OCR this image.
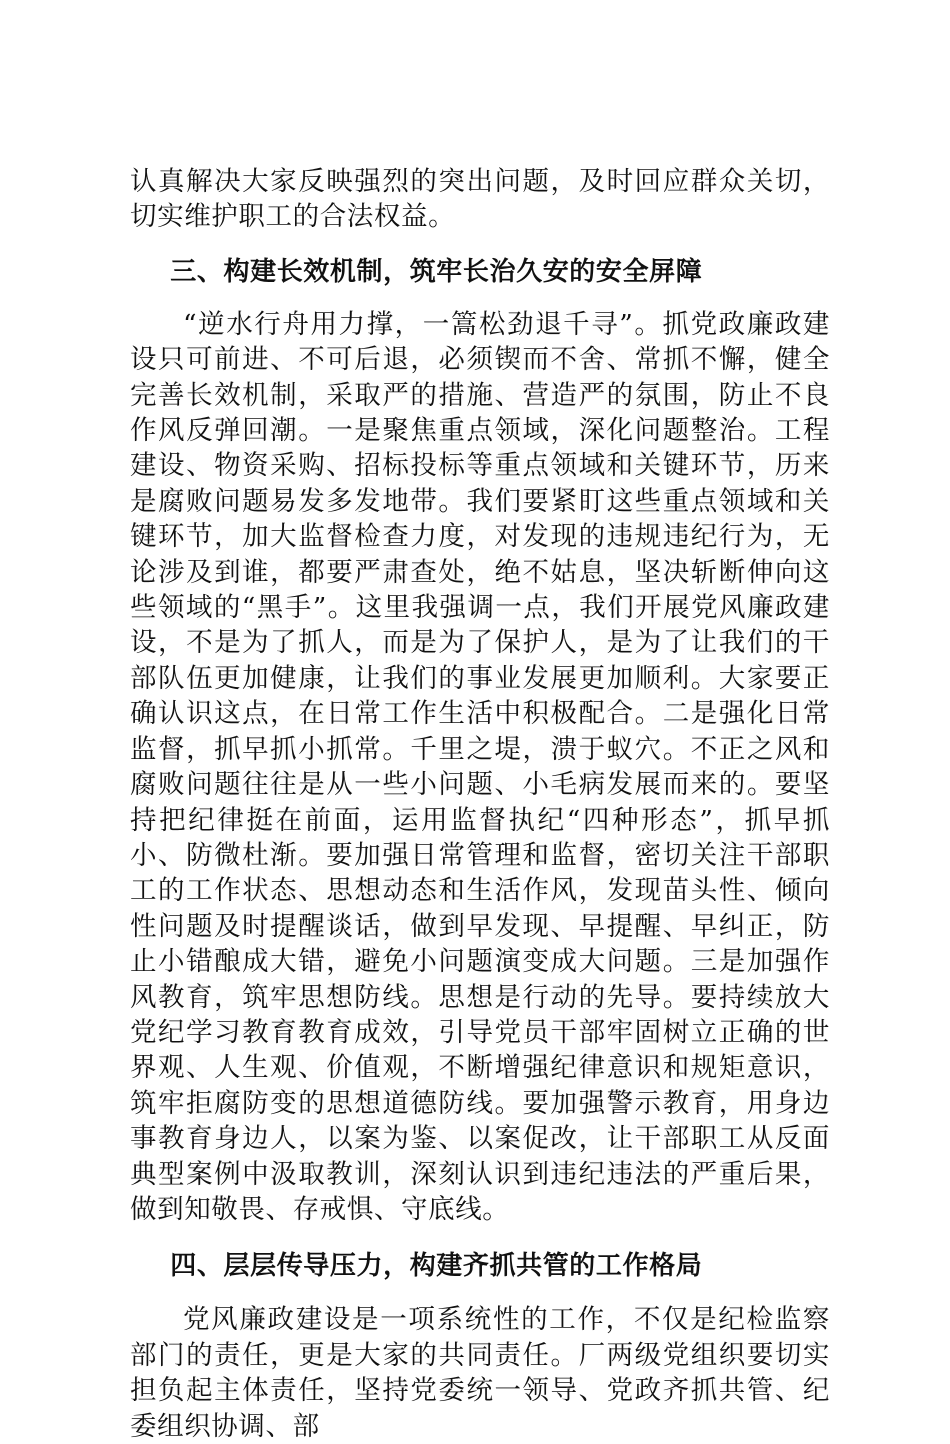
认真解决大家反映强烈的突出问题，及时回应群众关切，切实维护职工的合法权益。

三、构建长效机制，筑牢长治久安的安全屏障

“逆水行舟用力撑，一篙松劲退千寻”。抓党政廉政建设只可前进、不可后退，必须锲而不舍、常抓不懈，健全完善长效机制，采取严的措施、营造严的氛围，防止不良作风反弹回潮。一是聚焦重点领域，深化问题整治。工程建设、物资采购、招标投标等重点领域和关键环节，历来是腐败问题易发多发地带。我们要紧盯这些重点领域和关键环节，加大监督检查力度，对发现的违规违纪行为，无论涉及到谁，都要严肃查处，绝不姑息，坚决斩断伸向这些领域的“黑手”。这里我强调一点，我们开展党风廉政建设，不是为了抓人，而是为了保护人，是为了让我们的干部队伍更加健康，让我们的事业发展更加顺利。大家要正确认识这点，在日常工作生活中积极配合。二是强化日常监督，抓早抓小抓常。千里之堤，溃于蚁穴。不正之风和腐败问题往往是从一些小问题、小毛病发展而来的。要坚持把纪律挺在前面，运用监督执纪“四种形态”，抓早抓小、防微杜渐。要加强日常管理和监督，密切关注干部职工的工作状态、思想动态和生活作风，发现苗头性、倾向性问题及时提醒谈话，做到早发现、早提醒、早纠正，防止小错酿成大错，避免小问题演变成大问题。三是加强作风教育，筑牢思想防线。思想是行动的先导。要持续放大党纪学习教育教育成效，引导党员干部牢固树立正确的世界观、人生观、价值观，不断增强纪律意识和规矩意识，筑牢拒腐防变的思想道德防线。要加强警示教育，用身边事教育身边人，以案为鉴、以案促改，让干部职工从反面典型案例中汲取教训，深刻认识到违纪违法的严重后果，做到知敬畏、存戒惧、守底线。

四、层层传导压力，构建齐抓共管的工作格局

党风廉政建设是一项系统性的工作，不仅是纪检监察部门的责任，更是大家的共同责任。厂两级党组织要切实担负起主体责任，坚持党委统一领导、党政齐抓共管、纪委组织协调、部
